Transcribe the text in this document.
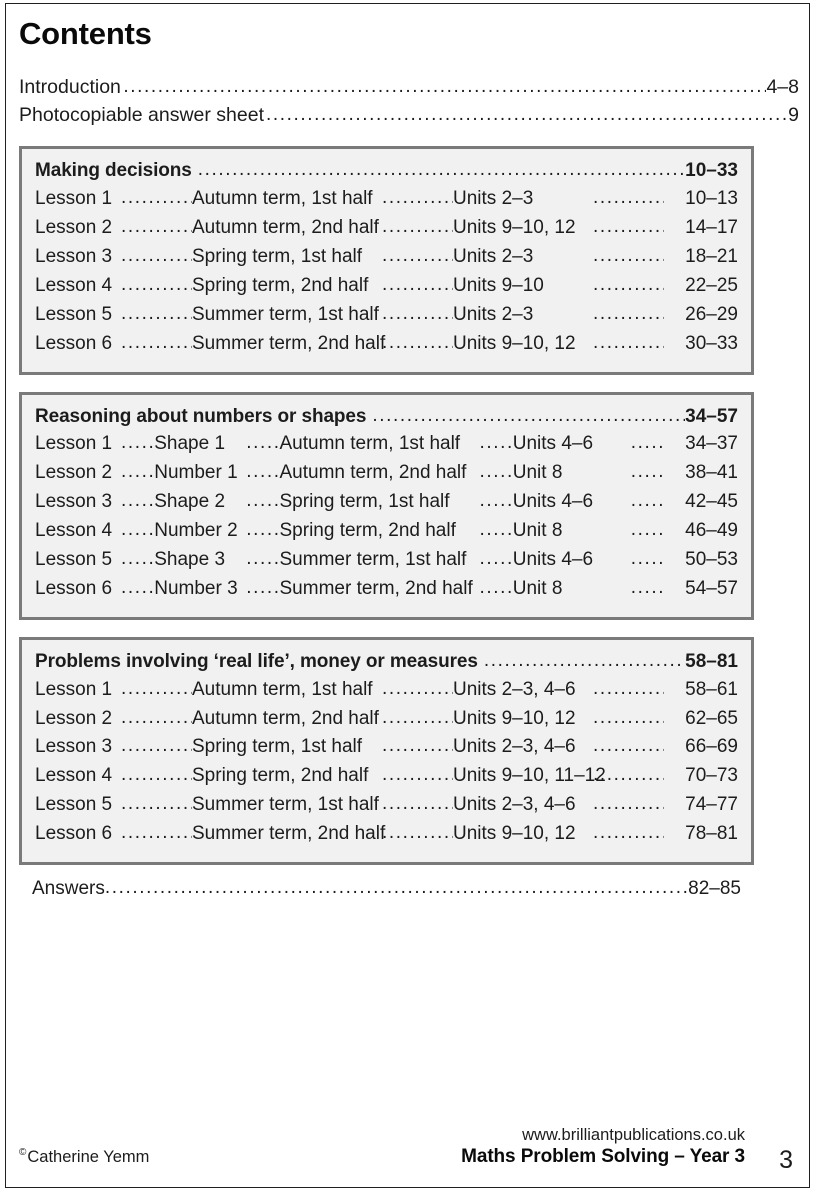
Contents
Introduction .....	4–8
Photocopiable answer sheet .....	9
Making decisions .....	10–33
Lesson 1 .....	Autumn term, 1st half .....	Units 2–3 .....	10–13
Lesson 2 .....	Autumn term, 2nd half .....	Units 9–10, 12 .....	14–17
Lesson 3 .....	Spring term, 1st half .....	Units 2–3 .....	18–21
Lesson 4 .....	Spring term, 2nd half .....	Units 9–10 .....	22–25
Lesson 5 .....	Summer term, 1st half .....	Units 2–3 .....	26–29
Lesson 6 .....	Summer term, 2nd half .....	Units 9–10, 12 .....	30–33
Reasoning about numbers or shapes .....	34–57
Lesson 1 .....	Shape 1 .....	Autumn term, 1st half .....	Units 4–6 .....	34–37
Lesson 2 .....	Number 1 .....	Autumn term, 2nd half .....	Unit 8 .....	38–41
Lesson 3 .....	Shape 2 .....	Spring term, 1st half .....	Units 4–6 .....	42–45
Lesson 4 .....	Number 2 .....	Spring term, 2nd half .....	Unit 8 .....	46–49
Lesson 5 .....	Shape 3 .....	Summer term, 1st half .....	Units 4–6 .....	50–53
Lesson 6 .....	Number 3 .....	Summer term, 2nd half .....	Unit 8 .....	54–57
Problems involving ‘real life’, money or measures .....	58–81
Lesson 1 .....	Autumn term, 1st half .....	Units 2–3, 4–6 .....	58–61
Lesson 2 .....	Autumn term, 2nd half .....	Units 9–10, 12 .....	62–65
Lesson 3 .....	Spring term, 1st half .....	Units 2–3, 4–6 .....	66–69
Lesson 4 .....	Spring term, 2nd half .....	Units 9–10, 11–12 .....	70–73
Lesson 5 .....	Summer term, 1st half .....	Units 2–3, 4–6 .....	74–77
Lesson 6 .....	Summer term, 2nd half .....	Units 9–10, 12 .....	78–81
Answers .....	82–85
©Catherine Yemm
www.brilliantpublications.co.uk
Maths Problem Solving – Year 3 3
